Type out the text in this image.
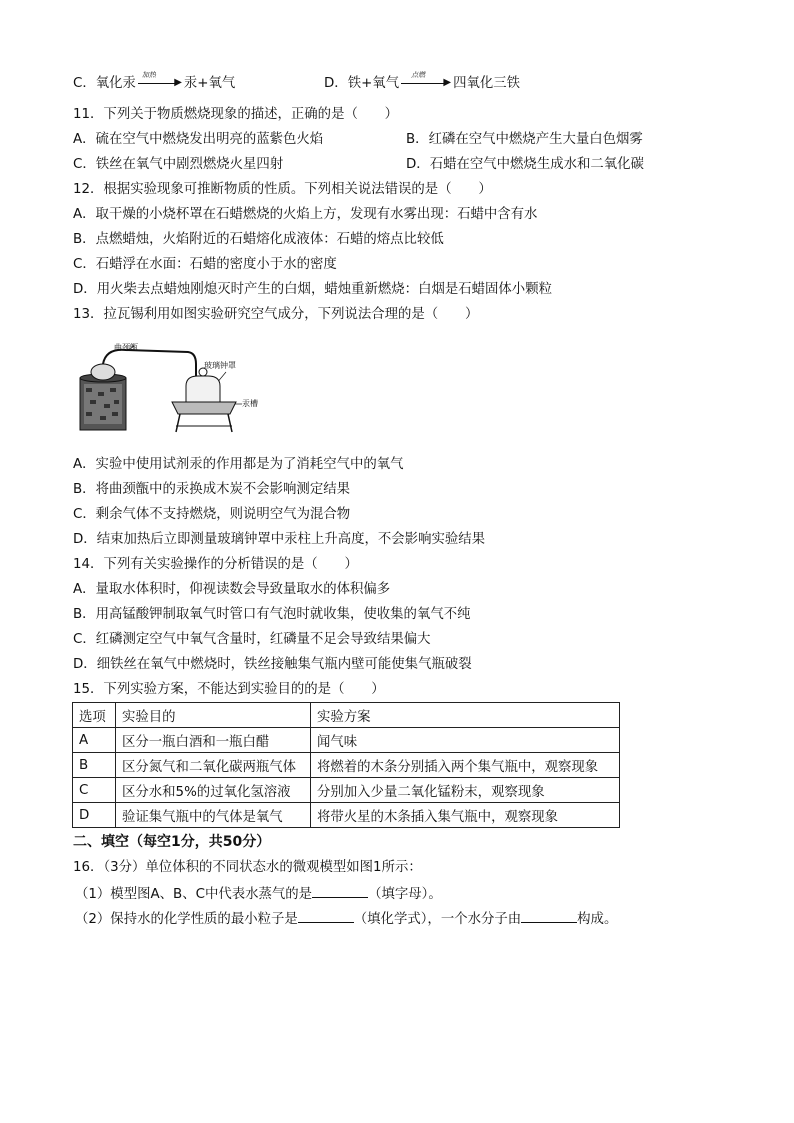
C．氧化汞
加热
▶ 汞+氧气	D．铁+氧气
点燃
▶ 四氧化三铁
11．下列关于物质燃烧现象的描述，正确的是（　　）
A．硫在空气中燃烧发出明亮的蓝紫色火焰	B．红磷在空气中燃烧产生大量白色烟雾
C．铁丝在氧气中剧烈燃烧火星四射	D．石蜡在空气中燃烧生成水和二氧化碳
12．根据实验现象可推断物质的性质。下列相关说法错误的是（　　）
A．取干燥的小烧杯罩在石蜡燃烧的火焰上方，发现有水雾出现：石蜡中含有水
B．点燃蜡烛，火焰附近的石蜡熔化成液体：石蜡的熔点比较低
C．石蜡浮在水面：石蜡的密度小于水的密度
D．用火柴去点蜡烛刚熄灭时产生的白烟，蜡烛重新燃烧：白烟是石蜡固体小颗粒
13．拉瓦锡利用如图实验研究空气成分，下列说法合理的是（　　）
曲颈甑
玻璃钟罩
汞槽
A．实验中使用试剂汞的作用都是为了消耗空气中的氧气
B．将曲颈甑中的汞换成木炭不会影响测定结果
C．剩余气体不支持燃烧，则说明空气为混合物
D．结束加热后立即测量玻璃钟罩中汞柱上升高度，不会影响实验结果
14．下列有关实验操作的分析错误的是（　　）
A．量取水体积时，仰视读数会导致量取水的体积偏多
B．用高锰酸钾制取氧气时管口有气泡时就收集，使收集的氧气不纯
C．红磷测定空气中氧气含量时，红磷量不足会导致结果偏大
D．细铁丝在氧气中燃烧时，铁丝接触集气瓶内壁可能使集气瓶破裂
15．下列实验方案，不能达到实验目的的是（　　）
选项	实验目的	实验方案
A	区分一瓶白酒和一瓶白醋	闻气味
B	区分氮气和二氧化碳两瓶气体	将燃着的木条分别插入两个集气瓶中，观察现象
C	区分水和5%的过氧化氢溶液	分别加入少量二氧化锰粉末，观察现象
D	验证集气瓶中的气体是氧气	将带火星的木条插入集气瓶中，观察现象
二、填空（每空1分，共50分）
16．（3分）单位体积的不同状态水的微观模型如图1所示：
（1）模型图A、B、C中代表水蒸气的是	（填字母）。
（2）保持水的化学性质的最小粒子是	（填化学式），一个水分子由	构成。
